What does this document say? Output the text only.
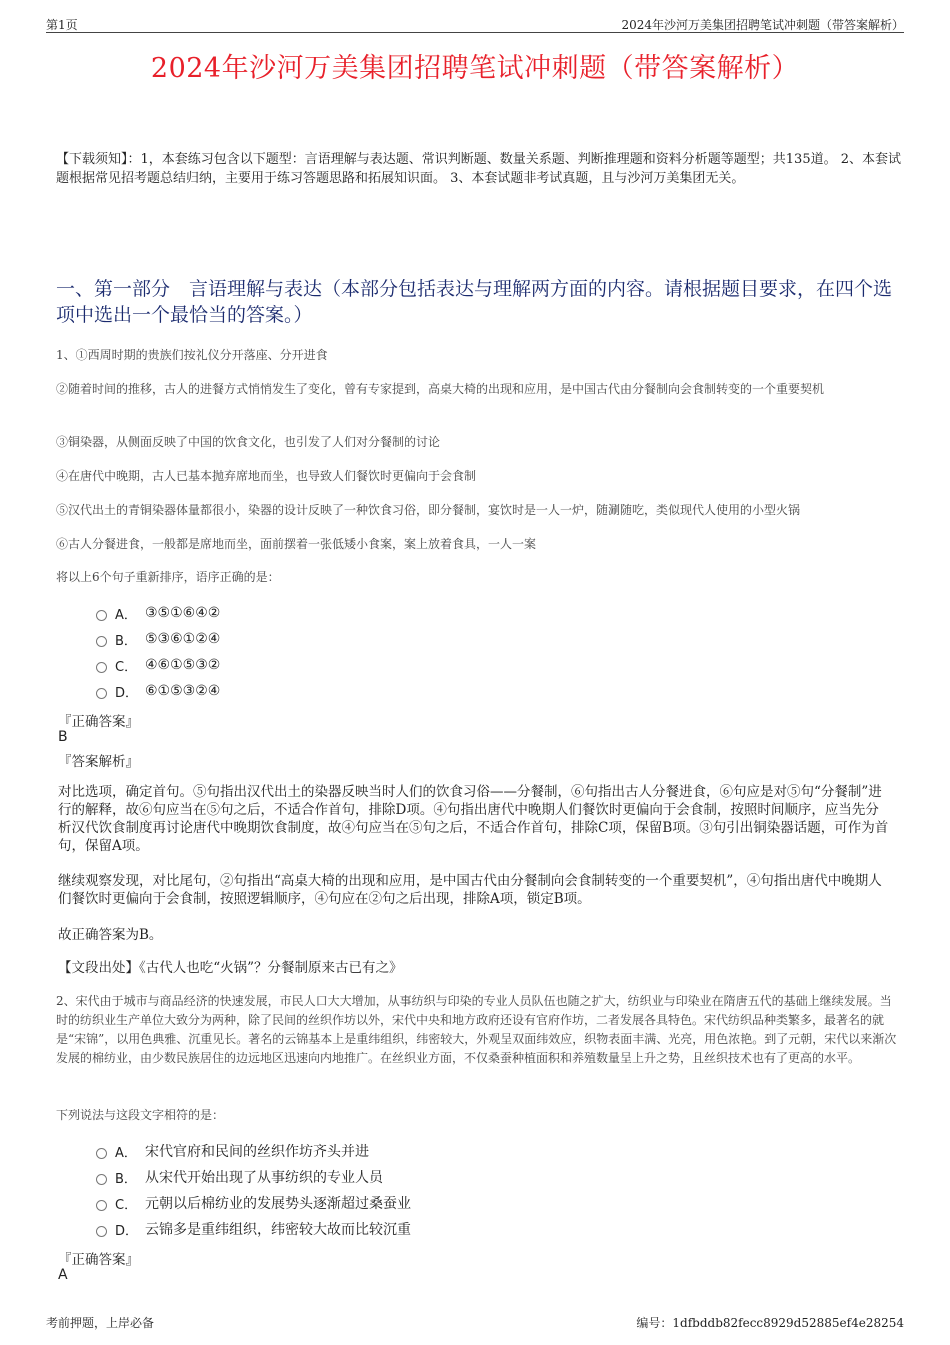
第1页	2024年沙河万美集团招聘笔试冲刺题（带答案解析）
2024年沙河万美集团招聘笔试冲刺题（带答案解析）
【下载须知】：1，本套练习包含以下题型：言语理解与表达题、常识判断题、数量关系题、判断推理题和资料分析题等题型；共135道。 2、本套试题根据常见招考题总结归纳，主要用于练习答题思路和拓展知识面。 3、本套试题非考试真题，且与沙河万美集团无关。
一、第一部分　言语理解与表达（本部分包括表达与理解两方面的内容。请根据题目要求，在四个选项中选出一个最恰当的答案。）
1、①西周时期的贵族们按礼仪分开落座、分开进食
②随着时间的推移，古人的进餐方式悄悄发生了变化，曾有专家提到，高桌大椅的出现和应用，是中国古代由分餐制向会食制转变的一个重要契机
③铜染器，从侧面反映了中国的饮食文化，也引发了人们对分餐制的讨论
④在唐代中晚期，古人已基本抛弃席地而坐，也导致人们餐饮时更偏向于会食制
⑤汉代出土的青铜染器体量都很小，染器的设计反映了一种饮食习俗，即分餐制，宴饮时是一人一炉，随涮随吃，类似现代人使用的小型火锅
⑥古人分餐进食，一般都是席地而坐，面前摆着一张低矮小食案，案上放着食具，一人一案
将以上6个句子重新排序，语序正确的是：
A． ③⑤①⑥④②
B． ⑤③⑥①②④
C． ④⑥①⑤③②
D． ⑥①⑤③②④
『正确答案』
B
『答案解析』
对比选项，确定首句。⑤句指出汉代出土的染器反映当时人们的饮食习俗——分餐制，⑥句指出古人分餐进食，⑥句应是对⑤句“分餐制”进行的解释，故⑥句应当在⑤句之后，不适合作首句，排除D项。④句指出唐代中晚期人们餐饮时更偏向于会食制，按照时间顺序，应当先分析汉代饮食制度再讨论唐代中晚期饮食制度，故④句应当在⑤句之后，不适合作首句，排除C项，保留B项。③句引出铜染器话题，可作为首句，保留A项。
继续观察发现，对比尾句，②句指出“高桌大椅的出现和应用，是中国古代由分餐制向会食制转变的一个重要契机”，④句指出唐代中晚期人们餐饮时更偏向于会食制，按照逻辑顺序，④句应在②句之后出现，排除A项，锁定B项。
故正确答案为B。
【文段出处】《古代人也吃“火锅”？分餐制原来古已有之》
2、宋代由于城市与商品经济的快速发展，市民人口大大增加，从事纺织与印染的专业人员队伍也随之扩大，纺织业与印染业在隋唐五代的基础上继续发展。当时的纺织业生产单位大致分为两种，除了民间的丝织作坊以外，宋代中央和地方政府还设有官府作坊，二者发展各具特色。宋代纺织品种类繁多，最著名的就是“宋锦”，以用色典雅、沉重见长。著名的云锦基本上是重纬组织，纬密较大，外观呈双面纬效应，织物表面丰满、光亮，用色浓艳。到了元朝，宋代以来渐次发展的棉纺业，由少数民族居住的边远地区迅速向内地推广。在丝织业方面，不仅桑蚕种植面积和养殖数量呈上升之势，且丝织技术也有了更高的水平。
下列说法与这段文字相符的是：
A． 宋代官府和民间的丝织作坊齐头并进
B． 从宋代开始出现了从事纺织的专业人员
C． 元朝以后棉纺业的发展势头逐渐超过桑蚕业
D． 云锦多是重纬组织，纬密较大故而比较沉重
『正确答案』
A
考前押题，上岸必备	编号：1dfbddb82fecc8929d52885ef4e28254
